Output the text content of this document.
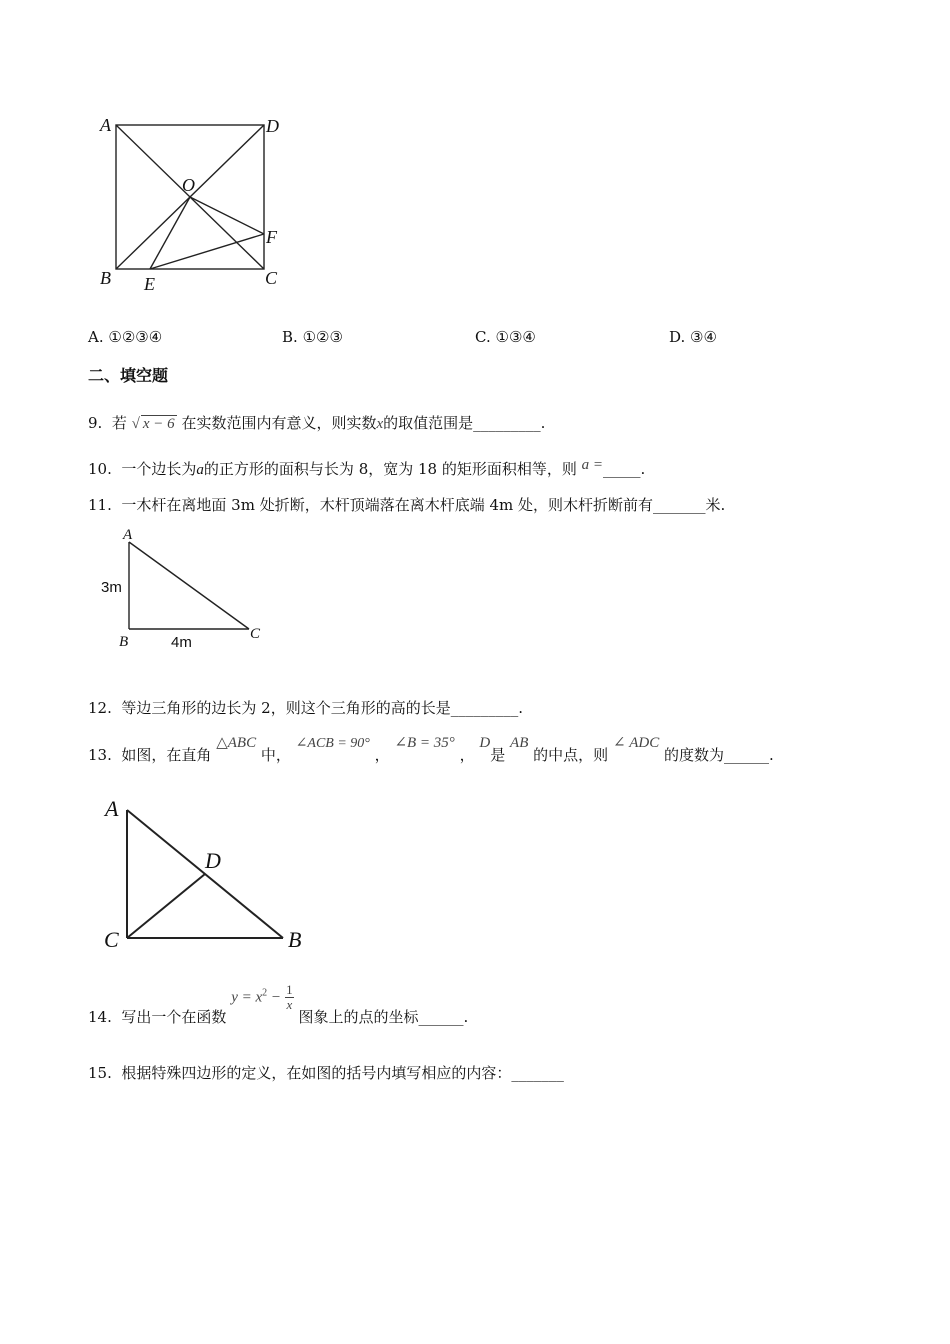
A	D
O
F
B E	C
A. ①②③④	B. ①②③	C. ①③④	D. ③④
二、填空题
9. 若 √ x − 6 在实数范围内有意义，则实数x的取值范围是_________.
10. 一个边长为a的正方形的面积与长为 8，宽为 18 的矩形面积相等，则 a =_____.
11. 一木杆在离地面 3m 处折断，木杆顶端落在离木杆底端 4m 处，则木杆折断前有_______米.
A
B	C
3m
4m
12. 等边三角形的边长为 2，则这个三角形的高的长是_________.
13. 如图，在直角 △ABC 中， ∠ACB = 90° ， ∠B = 35° ， D是 AB 的中点，则 ∠ ADC 的度数为______.
A
D
C	B
14. 写出一个在函数 $y = x^2 - \frac{1}{x}$
图象上的点的坐标______.
15. 根据特殊四边形的定义，在如图的括号内填写相应的内容：_______
